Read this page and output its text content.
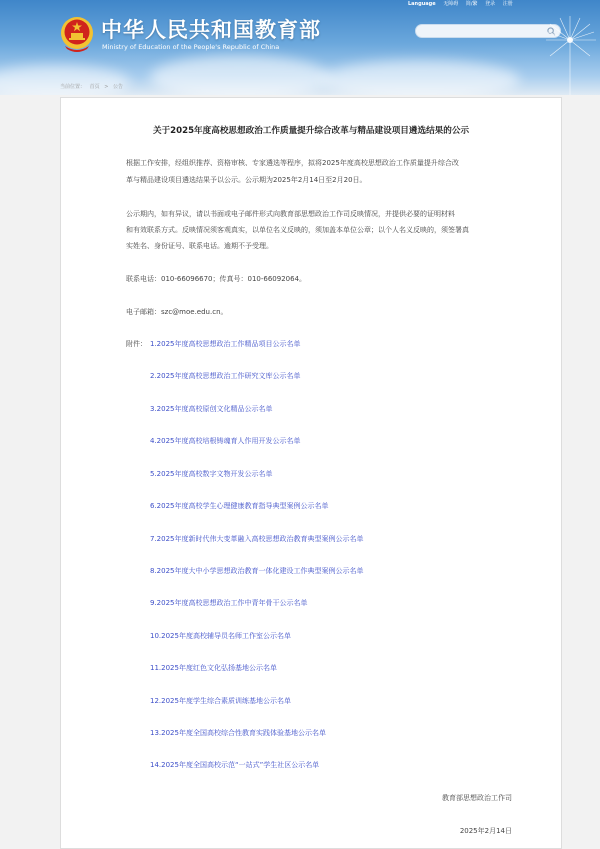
中华人民共和国教育部
Ministry of Education of the People's Republic of China
Language 无障碍 简/繁 登录 注册
当前位置： 首页 > 公告
关于2025年度高校思想政治工作质量提升综合改革与精品建设项目遴选结果的公示
根据工作安排，经组织推荐、资格审核、专家遴选等程序，拟将2025年度高校思想政治工作质量提升综合改
革与精品建设项目遴选结果予以公示。公示期为2025年2月14日至2月20日。
公示期内，如有异议，请以书面或电子邮件形式向教育部思想政治工作司反映情况，并提供必要的证明材料
和有效联系方式。反映情况须客观真实，以单位名义反映的，须加盖本单位公章；以个人名义反映的，须签署真
实姓名、身份证号、联系电话。逾期不予受理。
联系电话：010-66096670；传真号：010-66092064。
电子邮箱：szc@moe.edu.cn。
附件： 1.2025年度高校思想政治工作精品项目公示名单
2.2025年度高校思想政治工作研究文库公示名单
3.2025年度高校原创文化精品公示名单
4.2025年度高校培根铸魂育人作用开发公示名单
5.2025年度高校数字文物开发公示名单
6.2025年度高校学生心理健康教育指导典型案例公示名单
7.2025年度新时代伟大变革融入高校思想政治教育典型案例公示名单
8.2025年度大中小学思想政治教育一体化建设工作典型案例公示名单
9.2025年度高校思想政治工作中青年骨干公示名单
10.2025年度高校辅导员名师工作室公示名单
11.2025年度红色文化弘扬基地公示名单
12.2025年度学生综合素质训练基地公示名单
13.2025年度全国高校综合性教育实践体验基地公示名单
14.2025年度全国高校示范“一站式”学生社区公示名单
教育部思想政治工作司
2025年2月14日
